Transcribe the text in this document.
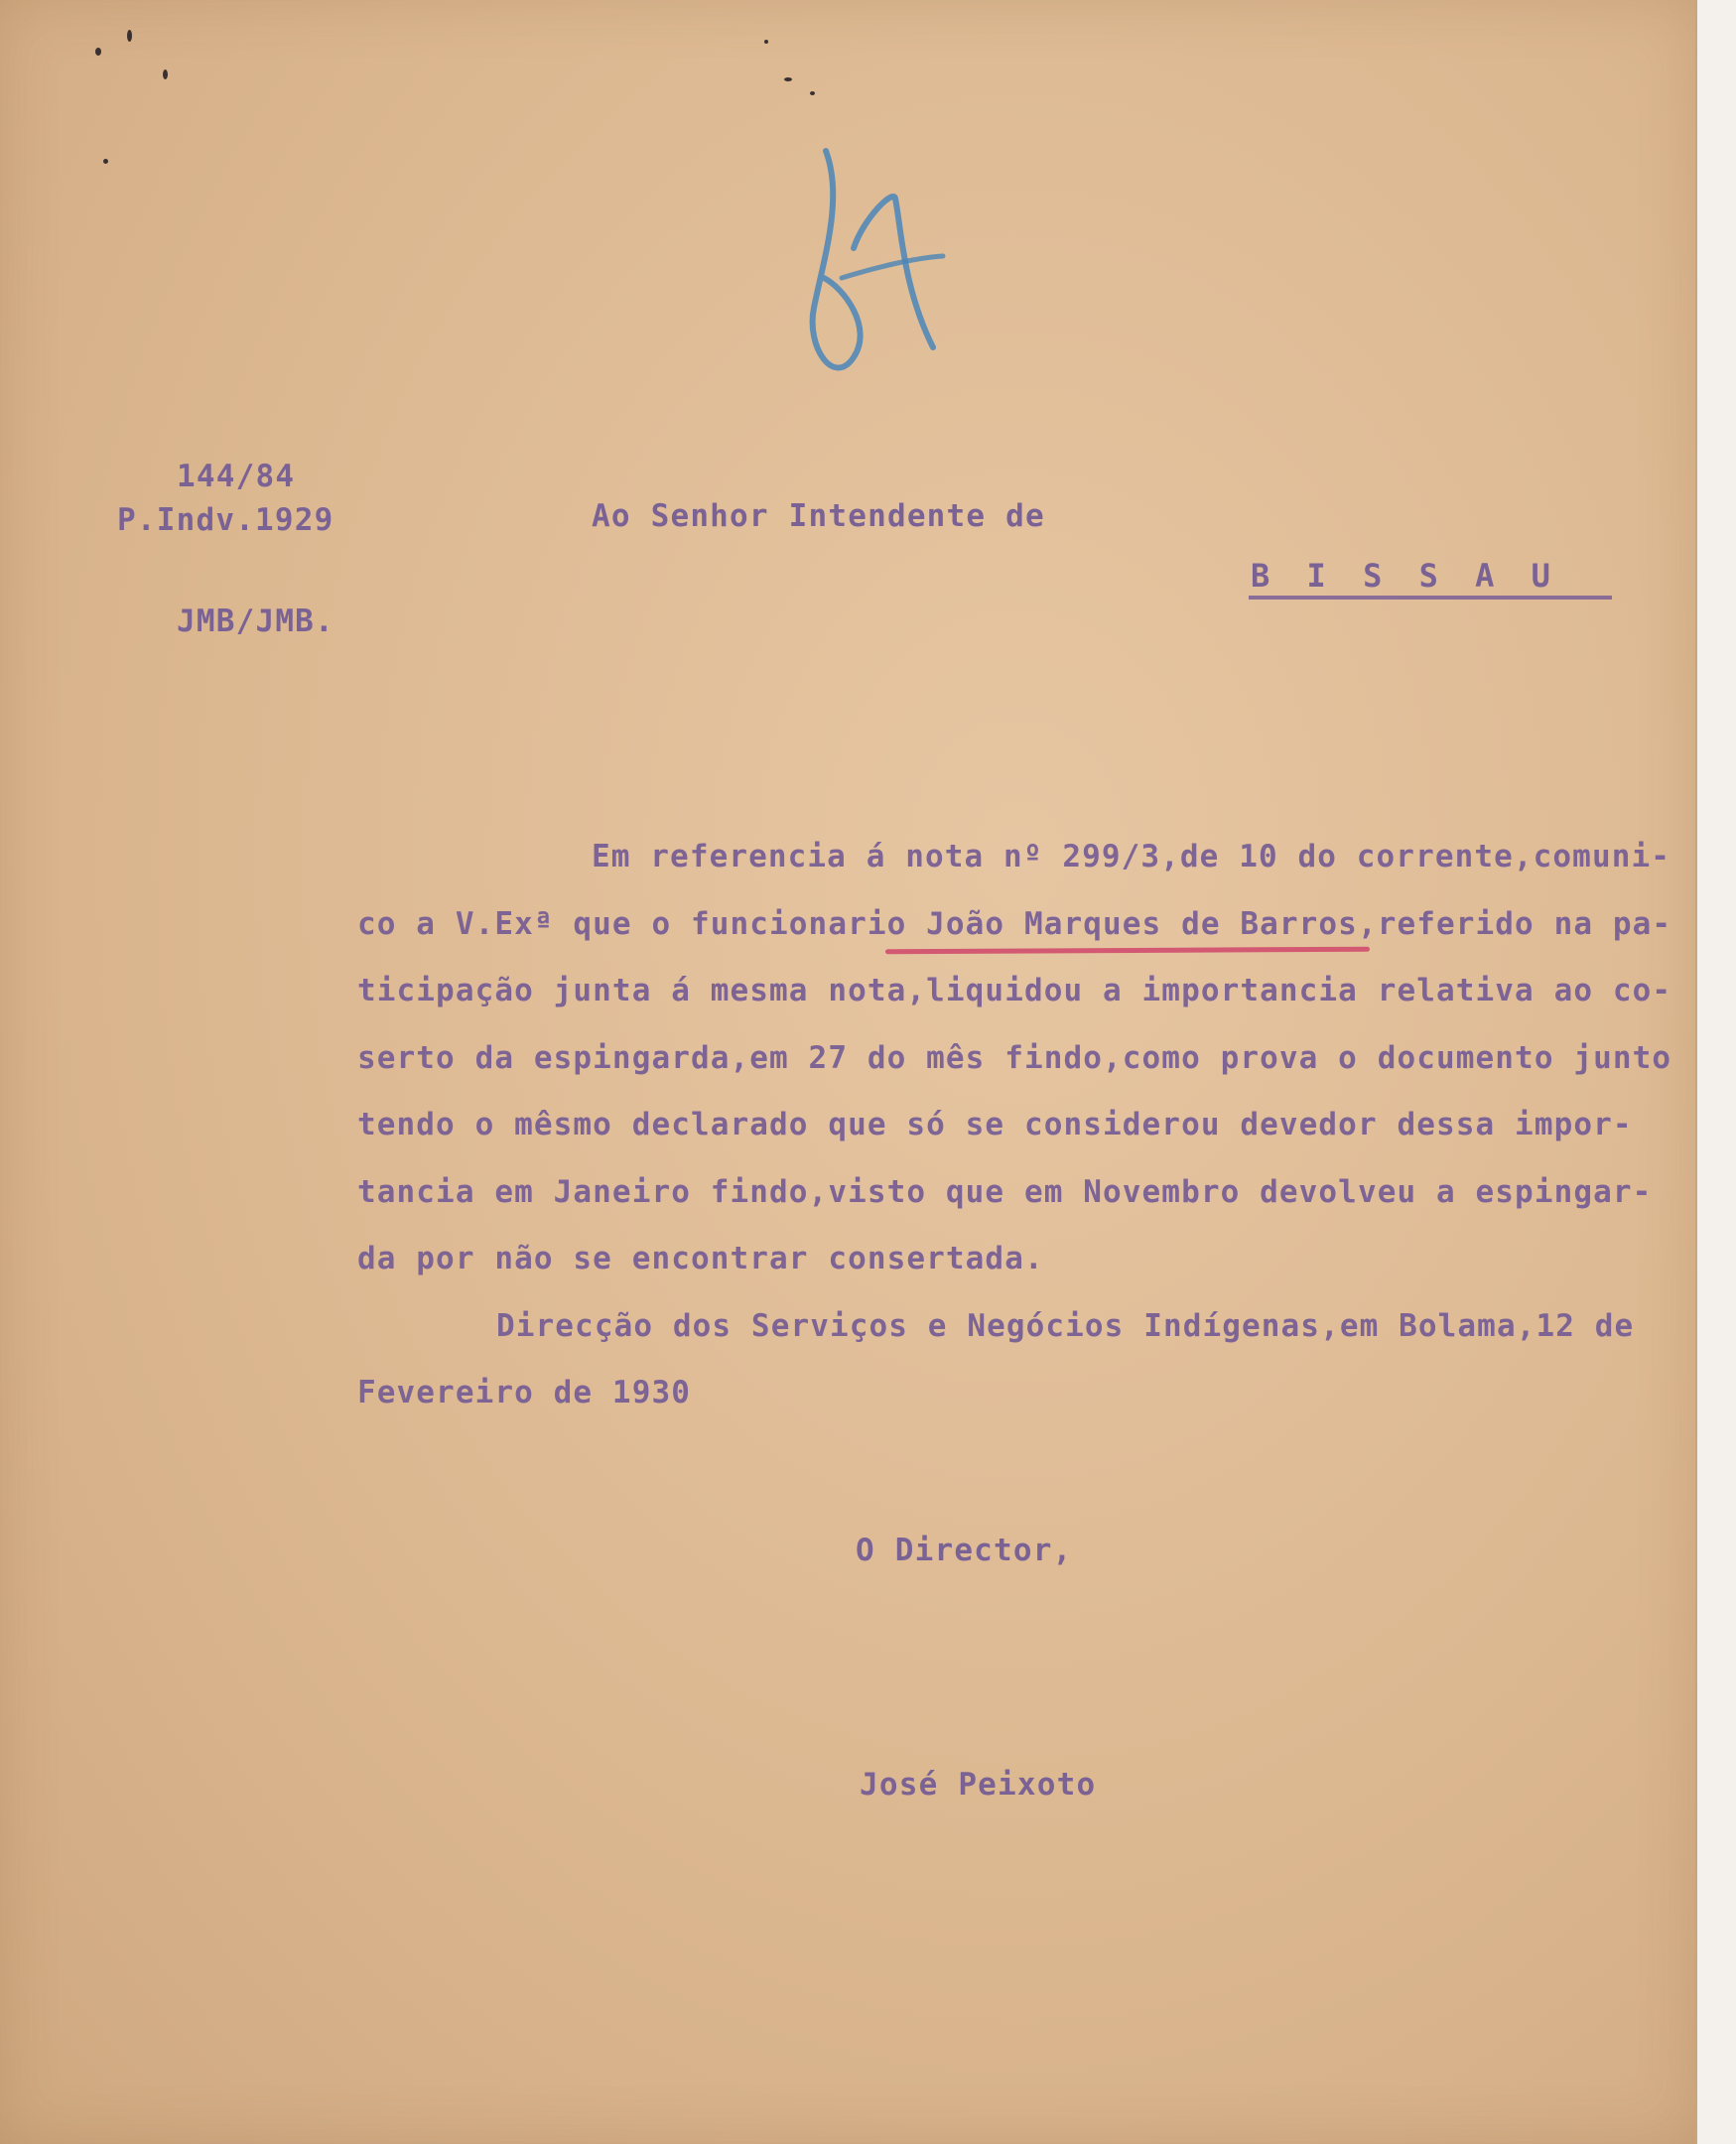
144/84
P.Indv.1929
JMB/JMB.
Ao Senhor Intendente de
B I S S A U
Em referencia á nota nº 299/3,de 10 do corrente,comuni-
co a V.Exª que o funcionario João Marques de Barros,referido na pa-
ticipação junta á mesma nota,liquidou a importancia relativa ao co-
serto da espingarda,em 27 do mês findo,como prova o documento junto
tendo o mêsmo declarado que só se considerou devedor dessa impor-
tancia em Janeiro findo,visto que em Novembro devolveu a espingar-
da por não se encontrar consertada.
Direcção dos Serviços e Negócios Indígenas,em Bolama,12 de
Fevereiro de 1930
O Director,
José Peixoto
